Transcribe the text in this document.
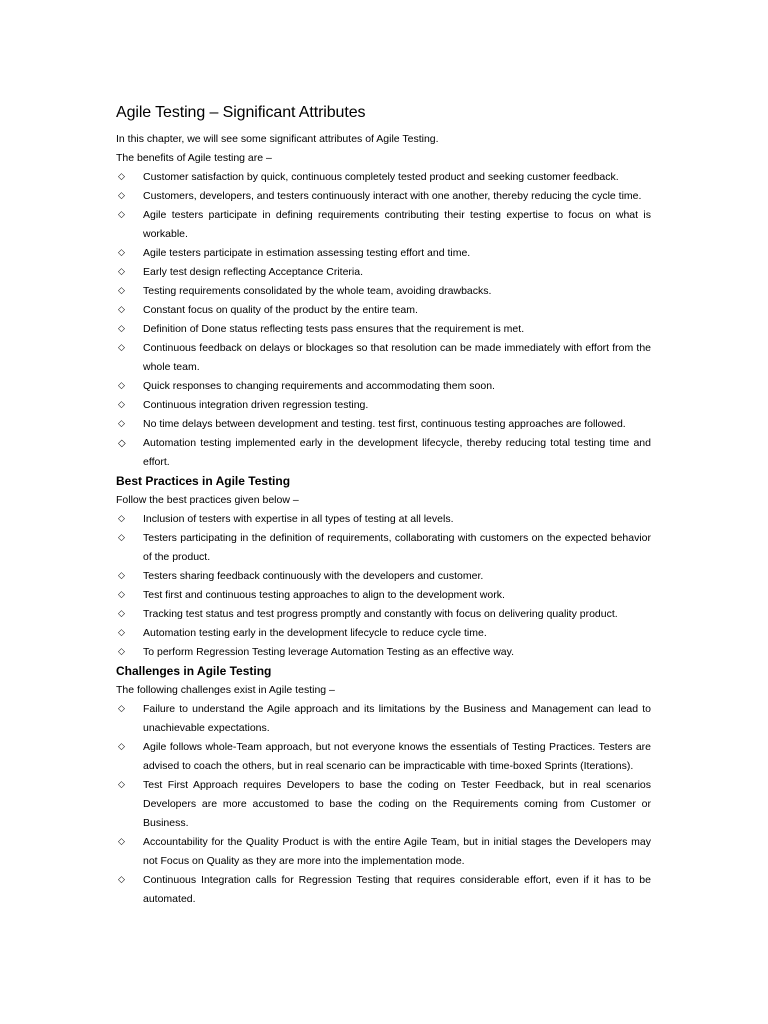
Agile Testing – Significant Attributes

In this chapter, we will see some significant attributes of Agile Testing.

The benefits of Agile testing are –

◇ Customer satisfaction by quick, continuous completely tested product and seeking customer feedback.
◇ Customers, developers, and testers continuously interact with one another, thereby reducing the cycle time.
◇ Agile testers participate in defining requirements contributing their testing expertise to focus on what is workable.
◇ Agile testers participate in estimation assessing testing effort and time.
◇ Early test design reflecting Acceptance Criteria.
◇ Testing requirements consolidated by the whole team, avoiding drawbacks.
◇ Constant focus on quality of the product by the entire team.
◇ Definition of Done status reflecting tests pass ensures that the requirement is met.
◇ Continuous feedback on delays or blockages so that resolution can be made immediately with effort from the whole team.
◇ Quick responses to changing requirements and accommodating them soon.
◇ Continuous integration driven regression testing.
◇ No time delays between development and testing. test first, continuous testing approaches are followed.
◇ Automation testing implemented early in the development lifecycle, thereby reducing total testing time and effort.
Best Practices in Agile Testing

Follow the best practices given below –

◇ Inclusion of testers with expertise in all types of testing at all levels.
◇ Testers participating in the definition of requirements, collaborating with customers on the expected behavior of the product.
◇ Testers sharing feedback continuously with the developers and customer.
◇ Test first and continuous testing approaches to align to the development work.
◇ Tracking test status and test progress promptly and constantly with focus on delivering quality product.
◇ Automation testing early in the development lifecycle to reduce cycle time.
◇ To perform Regression Testing leverage Automation Testing as an effective way.
Challenges in Agile Testing

The following challenges exist in Agile testing –

◇ Failure to understand the Agile approach and its limitations by the Business and Management can lead to unachievable expectations.
◇ Agile follows whole-Team approach, but not everyone knows the essentials of Testing Practices. Testers are advised to coach the others, but in real scenario can be impracticable with time-boxed Sprints (Iterations).
◇ Test First Approach requires Developers to base the coding on Tester Feedback, but in real scenarios Developers are more accustomed to base the coding on the Requirements coming from Customer or Business.
◇ Accountability for the Quality Product is with the entire Agile Team, but in initial stages the Developers may not Focus on Quality as they are more into the implementation mode.
◇ Continuous Integration calls for Regression Testing that requires considerable effort, even if it has to be automated.
